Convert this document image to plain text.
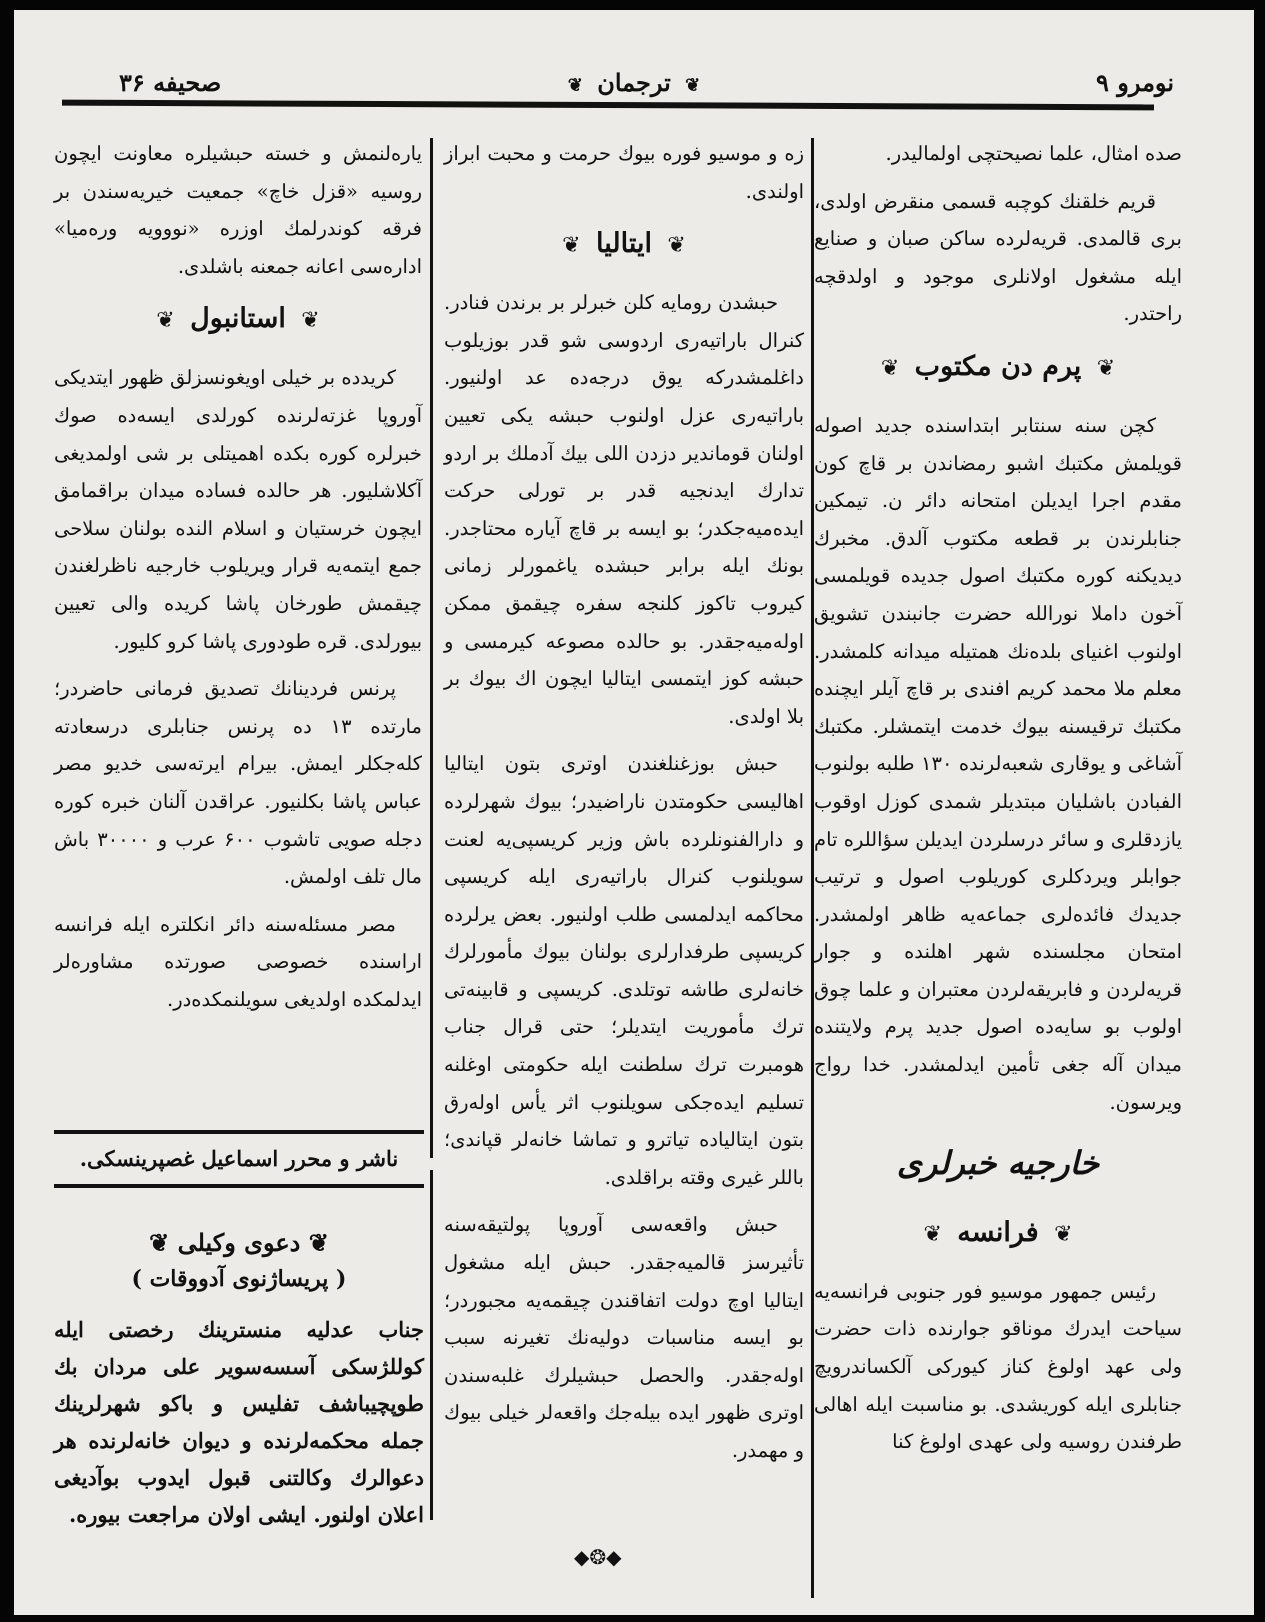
صحیفه ۳۶	❦ ترجمان ❦	نومرو ۹

صده امثال، علما نصیحتچی اولمالیدر.

قریم خلقنك کوچبه قسمی منقرض اولدی، بری قالمدی. قریه‌لرده ساکن صبان و صنایع ایله مشغول اولانلری موجود و اولدقچه راحتدر.

❦ پرم دن مکتوب ❦

کچن سنه سنتابر ابتداسنده جدید اصوله قویلمش مکتبك اشبو رمضاندن بر قاچ کون مقدم اجرا ایدیلن امتحانه دائر ن. تیمکین جنابلرندن بر قطعه مکتوب آلدق. مخبرك دیدیکنه کوره مکتبك اصول جدیده قویلمسی آخون داملا نورالله حضرت جانبندن تشویق اولنوب اغنیای بلده‌نك همتیله میدانه کلمشدر. معلم ملا محمد کریم افندی بر قاچ آیلر ایچنده مکتبك ترقیسنه بیوك خدمت ایتمشلر. مکتبك آشاغی و یوقاری شعبه‌لرنده ۱۳۰ طلبه بولنوب الفبادن باشلیان مبتدیلر شمدی کوزل اوقوب یازدقلری و سائر درسلردن ایدیلن سؤاللره تام جوابلر ویردکلری کوریلوب اصول و ترتیب جدیدك فائده‌لری جماعه‌یه ظاهر اولمشدر. امتحان مجلسنده شهر اهلنده و جوار قریه‌لردن و فابریقه‌لردن معتبران و علما چوق اولوب بو سایه‌ده اصول جدید پرم ولایتنده میدان آله جغی تأمین ایدلمشدر. خدا رواج ویرسون.

خارجیه خبرلری
❦ فرانسه ❦

رئیس جمهور موسیو فور جنوبی فرانسه‌یه سیاحت ایدرك موناقو جوارنده ذات حضرت ولی عهد اولوغ کناز کیورکی آلکساندرویچ جنابلری ایله کوریشدی. بو مناسبت ایله اهالی طرفندن روسیه ولی عهدی اولوغ کنا

زه و موسیو فوره بیوك حرمت و محبت ابراز اولندی.

❦ ایتالیا ❦

حبشدن رومایه کلن خبرلر بر برندن فنادر. کنرال باراتیه‌ری اردوسی شو قدر بوزیلوب داغلمشدرکه یوق درجه‌ده عد اولنیور. باراتیه‌ری عزل اولنوب حبشه یکی تعیین اولنان قوماندیر دزدن اللی بیك آدملك بر اردو تدارك ایدنجیه قدر بر تورلی حرکت ایده‌میه‌جکدر؛ بو ایسه بر قاچ آیاره محتاجدر. بونك ایله برابر حبشده یاغمورلر زمانی کیروب تاکوز کلنجه سفره چیقمق ممکن اوله‌میه‌جقدر. بو حالده مصوعه کیرمسی و حبشه کوز ایتمسی ایتالیا ایچون اك بیوك بر بلا اولدی.

حبش بوزغنلغندن اوتری بتون ایتالیا اهالیسی حکومتدن ناراضیدر؛ بیوك شهرلرده و دارالفنونلرده باش وزیر کریسپی‌یه لعنت سویلنوب کنرال باراتیه‌ری ایله کریسپی محاکمه ایدلمسی طلب اولنیور. بعض یرلرده کریسپی طرفدارلری بولنان بیوك مأمورلرك خانه‌لری طاشه توتلدی. کریسپی و قابینه‌تی ترك مأموریت ایتدیلر؛ حتی قرال جناب هومبرت ترك سلطنت ایله حکومتی اوغلنه تسلیم ایده‌جکی سویلنوب اثر یأس اوله‌رق بتون ایتالیاده تیاترو و تماشا خانه‌لر قپاندی؛ باللر غیری وقته براقلدی.

حبش واقعه‌سی آوروپا پولتیقه‌سنه تأثیرسز قالمیه‌جقدر. حبش ایله مشغول ایتالیا اوچ دولت اتفاقندن چیقمه‌یه مجبوردر؛ بو ایسه مناسبات دولیه‌نك تغیرنه سبب اوله‌جقدر. والحصل حبشیلرك غلبه‌سندن اوتری ظهور ایده بیله‌جك واقعه‌لر خیلی بیوك و مهمدر.

یاره‌لنمش و خسته حبشیلره معاونت ایچون روسیه «قزل خاچ» جمعیت خیریه‌سندن بر فرقه کوندرلمك اوزره «نووویه وره‌میا» اداره‌سی اعانه جمعنه باشلدی.

❦ استانبول ❦

کریدده بر خیلی اویغونسزلق ظهور ایتدیکی آوروپا غزته‌لرنده کورلدی ایسه‌ده صوك خبرلره کوره بکده اهمیتلی بر شی اولمدیغی آکلاشلیور. هر حالده فساده میدان براقمامق ایچون خرستیان و اسلام الندە بولنان سلاحی جمع ایتمه‌یه قرار ویریلوب خارجیه ناظرلغندن چیقمش طورخان پاشا کریده والی تعیین بیورلدی. قره طودوری پاشا کرو کلیور.

پرنس فردینانك تصدیق فرمانی حاضردر؛ مارتده ۱۳ ده پرنس جنابلری درسعادته کله‌جکلر ایمش. بیرام ایرته‌سی خدیو مصر عباس پاشا بکلنیور. عراقدن آلنان خبره کوره دجله صویی تاشوب ۶۰۰ عرب و ۳۰۰۰۰ باش مال تلف اولمش.

مصر مسئله‌سنه دائر انکلتره ایله فرانسه اراسنده خصوصی صورتده مشاوره‌لر ایدلمکده اولدیغی سویلنمکده‌در.

ناشر و محرر اسماعیل غصپرینسکی.
❦ دعوی وکیلی ❦
( پریساژنوی آدووقات )
جناب عدلیه منسترینك رخصتی ایله کوللژسکی آسسه‌سویر علی مردان بك طوپچیباشف تفلیس و باکو شهرلرینك جمله محکمه‌لرنده و دیوان خانه‌لرنده هر دعوالرك وکالتنی قبول ایدوب بوآدیغی اعلان اولنور. ایشی اولان مراجعت بیوره.
◆❂◆
